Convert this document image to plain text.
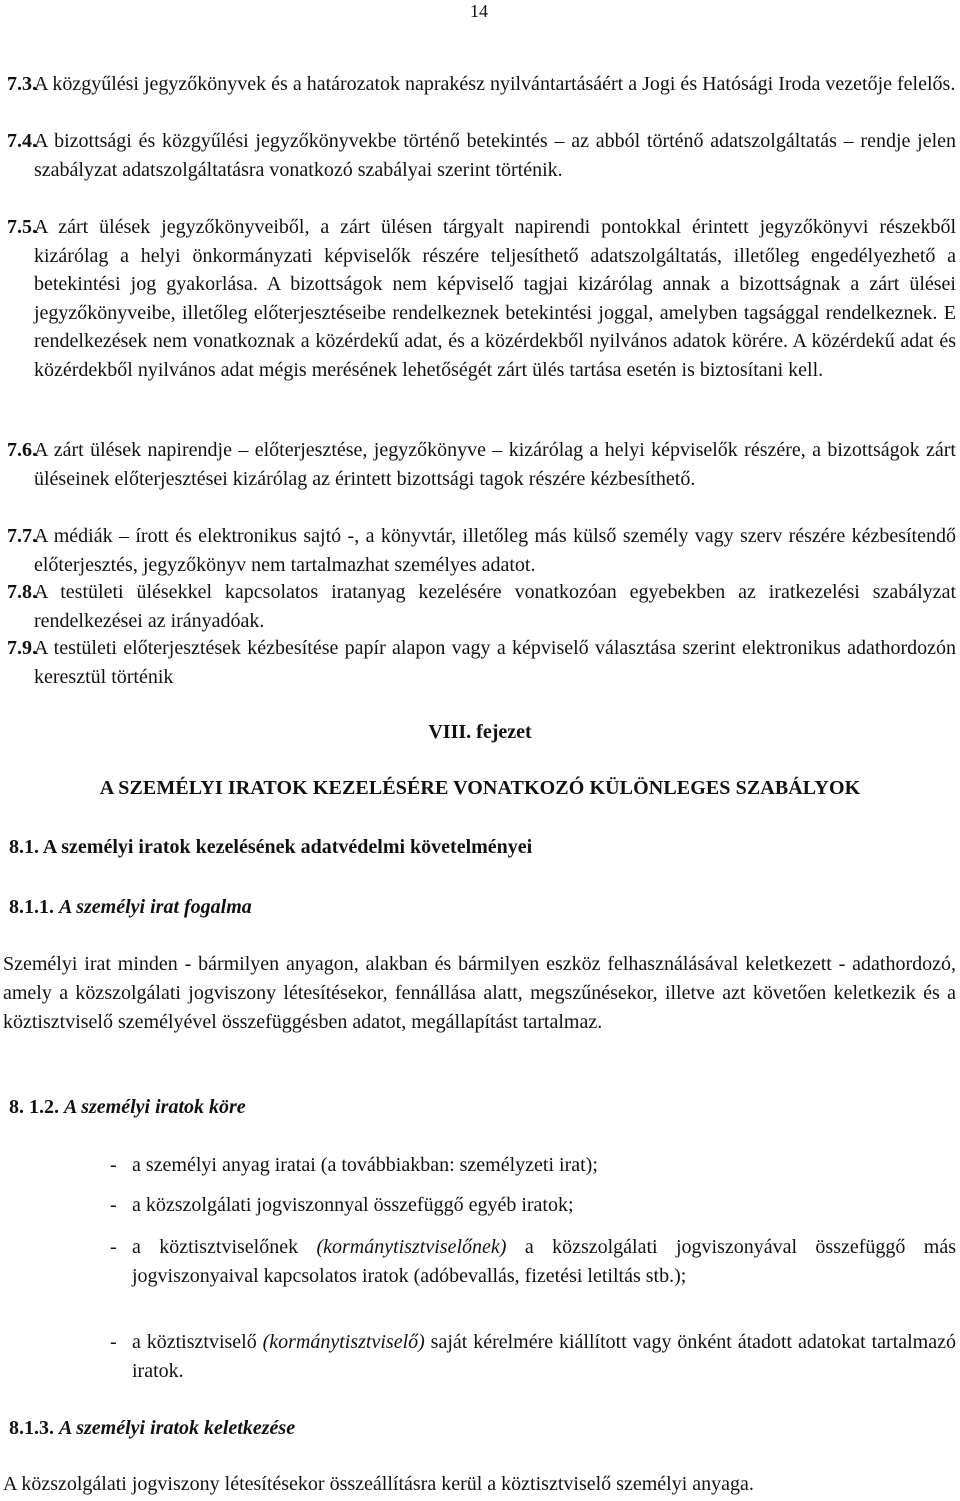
14
7.3.
A közgyűlési jegyzőkönyvek és a határozatok naprakész nyilvántartásáért a Jogi és Hatósági Iroda vezetője felelős.
7.4.
A bizottsági és közgyűlési jegyzőkönyvekbe történő betekintés – az abból történő adatszolgáltatás – rendje jelen szabályzat adatszolgáltatásra vonatkozó szabályai szerint történik.
7.5.
A zárt ülések jegyzőkönyveiből, a zárt ülésen tárgyalt napirendi pontokkal érintett jegyzőkönyvi részekből kizárólag a helyi önkormányzati képviselők részére teljesíthető adatszolgáltatás, illetőleg engedélyezhető a betekintési jog gyakorlása. A bizottságok nem képviselő tagjai kizárólag annak a bizottságnak a zárt ülései jegyzőkönyveibe, illetőleg előterjesztéseibe rendelkeznek betekintési joggal, amelyben tagsággal rendelkeznek. E rendelkezések nem vonatkoznak a közérdekű adat, és a közérdekből nyilvános adatok körére. A közérdekű adat és közérdekből nyilvános adat mégis merésének lehetőségét zárt ülés tartása esetén is biztosítani kell.
7.6.
A zárt ülések napirendje – előterjesztése, jegyzőkönyve – kizárólag a helyi képviselők részére, a bizottságok zárt üléseinek előterjesztései kizárólag az érintett bizottsági tagok részére kézbesíthető.
7.7.
A médiák – írott és elektronikus sajtó -, a könyvtár, illetőleg más külső személy vagy szerv részére kézbesítendő előterjesztés, jegyzőkönyv nem tartalmazhat személyes adatot.
7.8.
A testületi ülésekkel kapcsolatos iratanyag kezelésére vonatkozóan egyebekben az iratkezelési szabályzat rendelkezései az irányadóak.
7.9.
A testületi előterjesztések kézbesítése papír alapon vagy a képviselő választása szerint elektronikus adathordozón keresztül történik
VIII. fejezet
A SZEMÉLYI IRATOK KEZELÉSÉRE VONATKOZÓ KÜLÖNLEGES SZABÁLYOK
8.1. A személyi iratok kezelésének adatvédelmi követelményei
8.1.1. A személyi irat fogalma
Személyi irat minden - bármilyen anyagon, alakban és bármilyen eszköz felhasználásával keletkezett - adathordozó, amely a közszolgálati jogviszony létesítésekor, fennállása alatt, megszűnésekor, illetve azt követően keletkezik és a köztisztviselő személyével összefüggésben adatot, megállapítást tartalmaz.
8. 1.2. A személyi iratok köre
- a személyi anyag iratai (a továbbiakban: személyzeti irat);
- a közszolgálati jogviszonnyal összefüggő egyéb iratok;
- a köztisztviselőnek (kormánytisztviselőnek) a közszolgálati jogviszonyával összefüggő más jogviszonyaival kapcsolatos iratok (adóbevallás, fizetési letiltás stb.);
- a köztisztviselő (kormánytisztviselő) saját kérelmére kiállított vagy önként átadott adatokat tartalmazó iratok.
8.1.3. A személyi iratok keletkezése
A közszolgálati jogviszony létesítésekor összeállításra kerül a köztisztviselő személyi anyaga.
